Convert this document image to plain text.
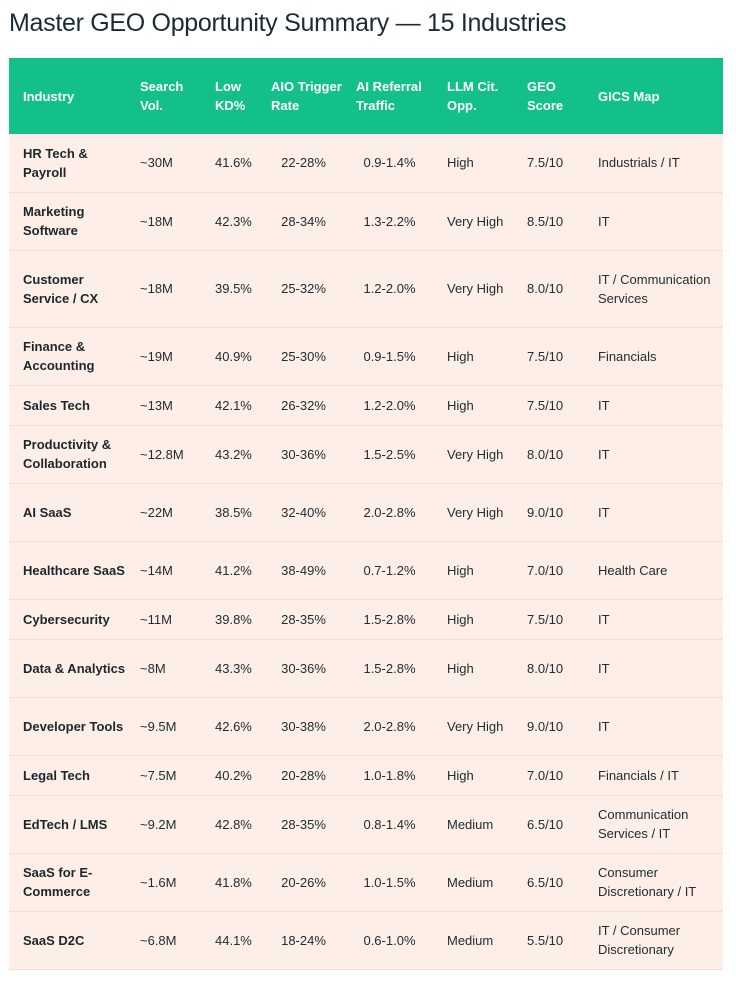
Master GEO Opportunity Summary — 15 Industries
Industry	Search Vol.	Low KD%	AIO Trigger Rate	AI Referral Traffic	LLM Cit. Opp.	GEO Score	GICS Map
HR Tech & Payroll	~30M	41.6%	22-28%	0.9-1.4%	High	7.5/10	Industrials / IT
Marketing Software	~18M	42.3%	28-34%	1.3-2.2%	Very High	8.5/10	IT
Customer Service / CX	~18M	39.5%	25-32%	1.2-2.0%	Very High	8.0/10	IT / Communication Services
Finance & Accounting	~19M	40.9%	25-30%	0.9-1.5%	High	7.5/10	Financials
Sales Tech	~13M	42.1%	26-32%	1.2-2.0%	High	7.5/10	IT
Productivity & Collaboration	~12.8M	43.2%	30-36%	1.5-2.5%	Very High	8.0/10	IT
AI SaaS	~22M	38.5%	32-40%	2.0-2.8%	Very High	9.0/10	IT
Healthcare SaaS	~14M	41.2%	38-49%	0.7-1.2%	High	7.0/10	Health Care
Cybersecurity	~11M	39.8%	28-35%	1.5-2.8%	High	7.5/10	IT
Data & Analytics	~8M	43.3%	30-36%	1.5-2.8%	High	8.0/10	IT
Developer Tools	~9.5M	42.6%	30-38%	2.0-2.8%	Very High	9.0/10	IT
Legal Tech	~7.5M	40.2%	20-28%	1.0-1.8%	High	7.0/10	Financials / IT
EdTech / LMS	~9.2M	42.8%	28-35%	0.8-1.4%	Medium	6.5/10	Communication Services / IT
SaaS for E-Commerce	~1.6M	41.8%	20-26%	1.0-1.5%	Medium	6.5/10	Consumer Discretionary / IT
SaaS D2C	~6.8M	44.1%	18-24%	0.6-1.0%	Medium	5.5/10	IT / Consumer Discretionary
